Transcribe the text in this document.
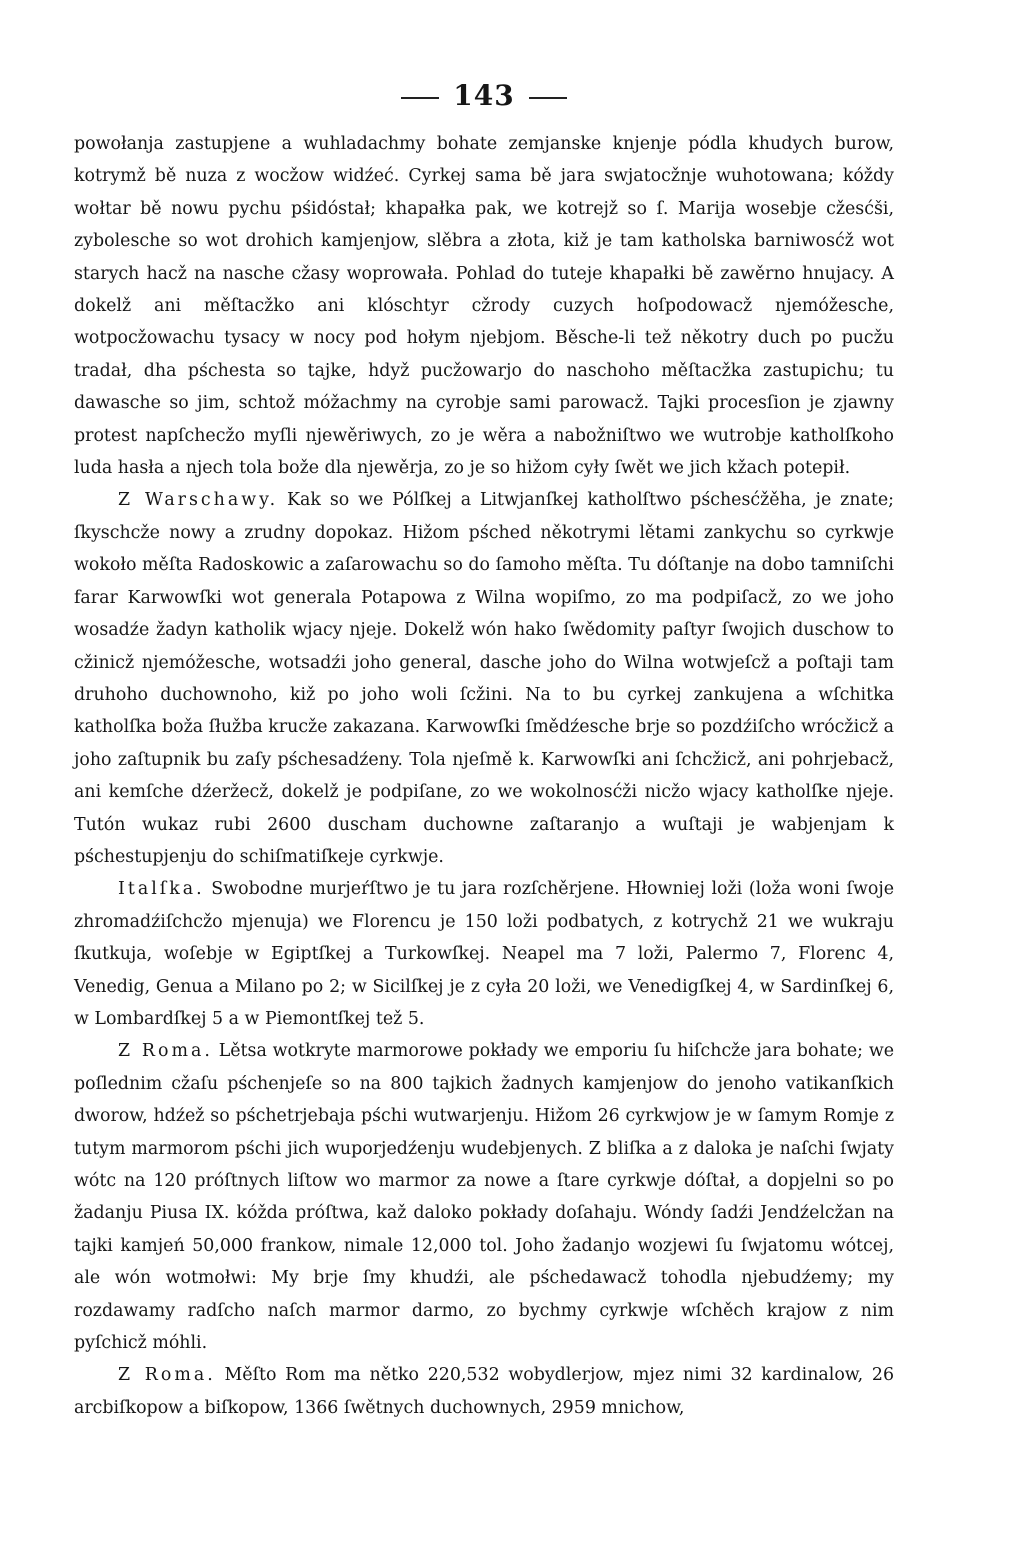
143

powołanja zastupjene a wuhladachmy bohate zemjanske knjenje pódla khudych burow, kotrymž bě nuza z wocžow widźeć. Cyrkej sama bě jara swjatocžnje wuhotowana; kóždy wołtar bě nowu pychu pśidóstał; khapałka pak, we kotrejž so ſ. Marija wosebje cžesćši, zybolesche so wot drohich kamjenjow, slěbra a złota, kiž je tam katholska barniwosćž wot starych hacž na nasche cžasy woprowała. Pohlad do tuteje khapałki bě zawěrno hnujacy. A dokelž ani měſtacžko ani klóschtyr cžrody cuzych hoſpodowacž njemóžesche, wotpocžowachu tysacy w nocy pod hołym njebjom. Běsche-li tež někotry duch po pucžu tradał, dha pśchesta so tajke, hdyž pucžowarjo do naschoho měſtacžka zastupichu; tu dawasche so jim, schtož móžachmy na cyrobje sami parowacž. Tajki procesſion je zjawny protest napſchecžo myſli njewěriwych, zo je wěra a nabožniſtwo we wutrobje katholſkoho luda hasła a njech tola bože dla njewěrja, zo je so hižom cyły ſwět we jich kžach potepił.

Z Warschawy. Kak so we Pólſkej a Litwjanſkej katholſtwo pśchesćžěha, je znate; ſkyschcže nowy a zrudny dopokaz. Hižom pśched někotrymi lětami zankychu so cyrkwje wokoło měſta Radoskowic a zaſarowachu so do ſamoho měſta. Tu dóſtanje na dobo tamniſchi farar Karwowſki wot generala Potapowa z Wilna wopiſmo, zo ma podpiſacž, zo we joho wosadźe žadyn katholik wjacy njeje. Dokelž wón hako ſwědomity paſtyr ſwojich duschow to cžinicž njemóžesche, wotsadźi joho general, dasche joho do Wilna wotwjeſcž a poſtaji tam druhoho duchownoho, kiž po joho woli ſcžini. Na to bu cyrkej zankujena a wſchitka katholſka boža ſłužba krucže zakazana. Karwowſki ſmědźesche brje so pozdźiſcho wrócžicž a joho zaſtupnik bu zaſy pśchesadźeny. Tola njeſmě k. Karwowſki ani ſchcžicž, ani pohrjebacž, ani kemſche dźeržecž, dokelž je podpiſane, zo we wokolnosćži nicžo wjacy katholſke njeje. Tutón wukaz rubi 2600 duscham duchowne zaſtaranjo a wuſtaji je wabjenjam k pśchestupjenju do schiſmatiſkeje cyrkwje.

Italſka. Swobodne murjeŕſtwo je tu jara rozſchěrjene. Hłowniej loži (loža woni ſwoje zhromadźiſchcžo mjenuja) we Florencu je 150 loži podbatych, z kotrychž 21 we wukraju ſkutkuja, woſebje w Egiptſkej a Turkowſkej. Neapel ma 7 loži, Palermo 7, Florenc 4, Venedig, Genua a Milano po 2; w Sicilſkej je z cyła 20 loži, we Venedigſkej 4, w Sardinſkej 6, w Lombardſkej 5 a w Piemontſkej tež 5.

Z Roma. Lětsa wotkryte marmorowe pokłady we emporiu ſu hiſchcže jara bohate; we poſlednim cžaſu pśchenjeſe so na 800 tajkich žadnych kamjenjow do jenoho vatikanſkich dworow, hdźež so pśchetrjebaja pśchi wutwarjenju. Hižom 26 cyrkwjow je w ſamym Romje z tutym marmorom pśchi jich wuporjedźenju wudebjenych. Z bliſka a z daloka je naſchi ſwjaty wótc na 120 próſtnych liſtow wo marmor za nowe a ſtare cyrkwje dóſtał, a dopjelni so po žadanju Piusa IX. kóžda próſtwa, kaž daloko pokłady doſahaju. Wóndy ſadźi Jendźelcžan na tajki kamjeń 50,000 frankow, nimale 12,000 tol. Joho žadanjo wozjewi ſu ſwjatomu wótcej, ale wón wotmołwi: My brje ſmy khudźi, ale pśchedawacž tohodla njebudźemy; my rozdawamy radſcho naſch marmor darmo, zo bychmy cyrkwje wſchěch krajow z nim pyſchicž móhli.

Z Roma. Měſto Rom ma nětko 220,532 wobydlerjow, mjez nimi 32 kardinalow, 26 arcbiſkopow a biſkopow, 1366 ſwětnych duchownych, 2959 mnichow,
